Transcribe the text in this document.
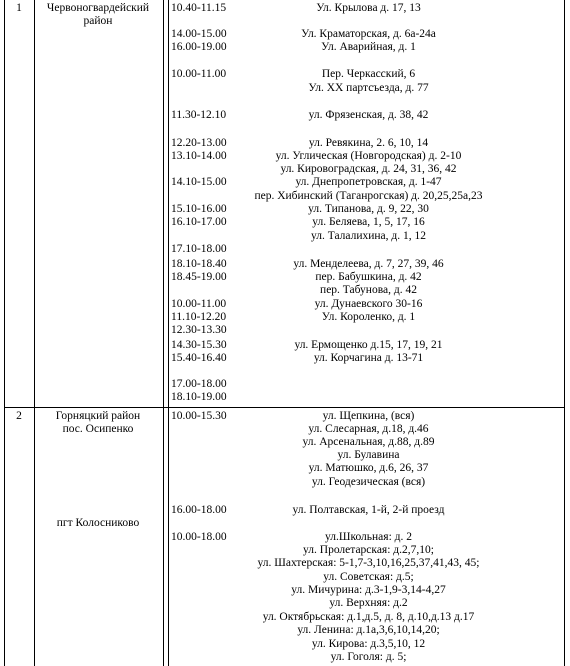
1	Червоногвардейский
район
10.40-11.15
14.00-15.00
16.00-19.00
10.00-11.00
11.30-12.10
12.20-13.00
13.10-14.00
14.10-15.00
15.10-16.00
16.10-17.00
17.10-18.00
18.10-18.40
18.45-19.00
10.00-11.00
11.10-12.20
12.30-13.30
14.30-15.30
15.40-16.40
17.00-18.00
18.10-19.00
Ул. Крылова д. 17, 13
Ул. Краматорская, д. 6а-24а
Ул. Аварийная, д. 1
Пер. Черкасский, 6
Ул. XX партсъезда, д. 77
ул. Фрязенская, д. 38, 42
ул. Ревякина, 2. 6, 10, 14
ул. Углическая (Новгородская) д. 2-10
ул. Кировоградская, д. 24, 31, 36, 42
ул. Днепропетровская, д. 1-47
пер. Хибинский (Таганрогская) д. 20,25,25а,23
ул. Типанова, д. 9, 22, 30
ул. Беляева, 1, 5, 17, 16
ул. Талалихина, д. 1, 12
ул. Менделеева, д. 7, 27, 39, 46
пер. Бабушкина, д. 42
пер. Табунова, д. 42
ул. Дунаевского 30-16
Ул. Короленко, д. 1
ул. Ермощенко д.15, 17, 19, 21
ул. Корчагина д. 13-71
2	Горняцкий район
пос. Осипенко
пгт Колосниково
10.00-15.30
16.00-18.00
10.00-18.00
ул. Щепкина, (вся)
ул. Слесарная, д.18, д.46
ул. Арсенальная, д.88, д.89
ул. Булавина
ул. Матюшко, д.6, 26, 37
ул. Геодезическая (вся)
ул. Полтавская, 1-й, 2-й проезд
ул.Школьная: д. 2
ул. Пролетарская: д.2,7,10;
ул. Шахтерская: 5-1,7-3,10,16,25,37,41,43, 45;
ул. Советская: д.5;
ул. Мичурина: д.3-1,9-3,14-4,27
ул. Верхняя: д.2
ул. Октябрьская: д.1,д.5, д. 8, д.10,д.13 д.17
ул. Ленина: д.1а,3,6,10,14,20;
ул. Кирова: д.3,5,10, 12
ул. Гоголя: д. 5;
